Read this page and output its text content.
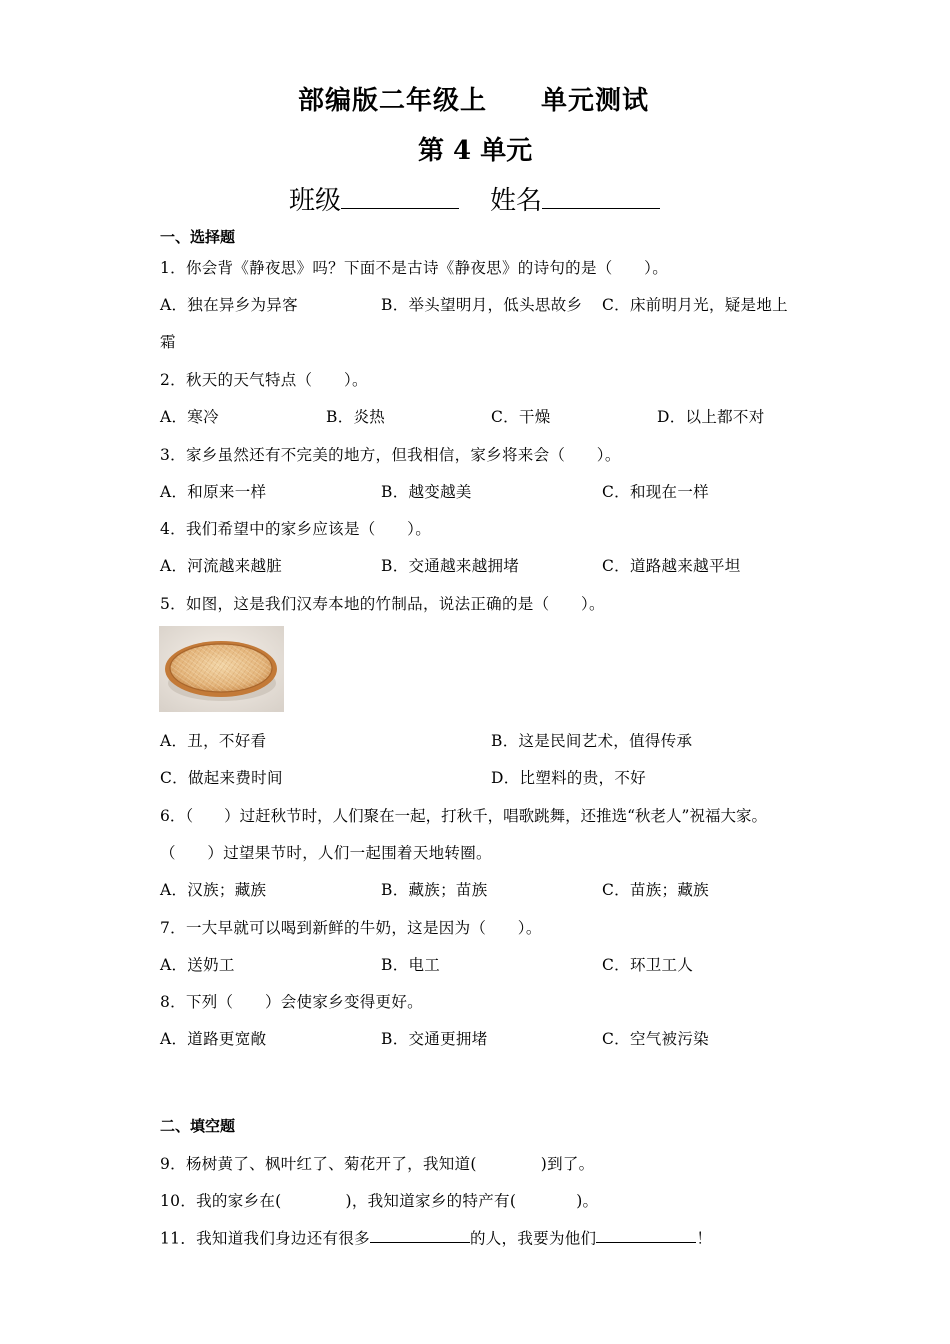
部编版二年级上 单元测试
第 4 单元
班级	姓名
一、选择题
1．你会背《静夜思》吗？下面不是古诗《静夜思》的诗句的是（　　）。
A．独在异乡为异客	B．举头望明月，低头思故乡 C．床前明月光，疑是地上
霜
2．秋天的天气特点（　　）。
A．寒冷	B．炎热	C．干燥	D．以上都不对
3．家乡虽然还有不完美的地方，但我相信，家乡将来会（　　）。
A．和原来一样	B．越变越美	C．和现在一样
4．我们希望中的家乡应该是（　　）。
A．河流越来越脏	B．交通越来越拥堵	C．道路越来越平坦
5．如图，这是我们汉寿本地的竹制品，说法正确的是（　　）。
A．丑，不好看	B．这是民间艺术，值得传承
C．做起来费时间	D．比塑料的贵，不好
6．（　　）过赶秋节时，人们聚在一起，打秋千，唱歌跳舞，还推选“秋老人”祝福大家。
（　　）过望果节时，人们一起围着天地转圈。
A．汉族；藏族	B．藏族；苗族	C．苗族；藏族
7．一大早就可以喝到新鲜的牛奶，这是因为（　　）。
A．送奶工	B．电工	C．环卫工人
8．下列（　　）会使家乡变得更好。
A．道路更宽敞	B．交通更拥堵	C．空气被污染
二、填空题
9．杨树黄了、枫叶红了、菊花开了，我知道(	)到了。
10．我的家乡在(	)，我知道家乡的特产有(	)。
11．我知道我们身边还有很多	的人，我要为他们	！
